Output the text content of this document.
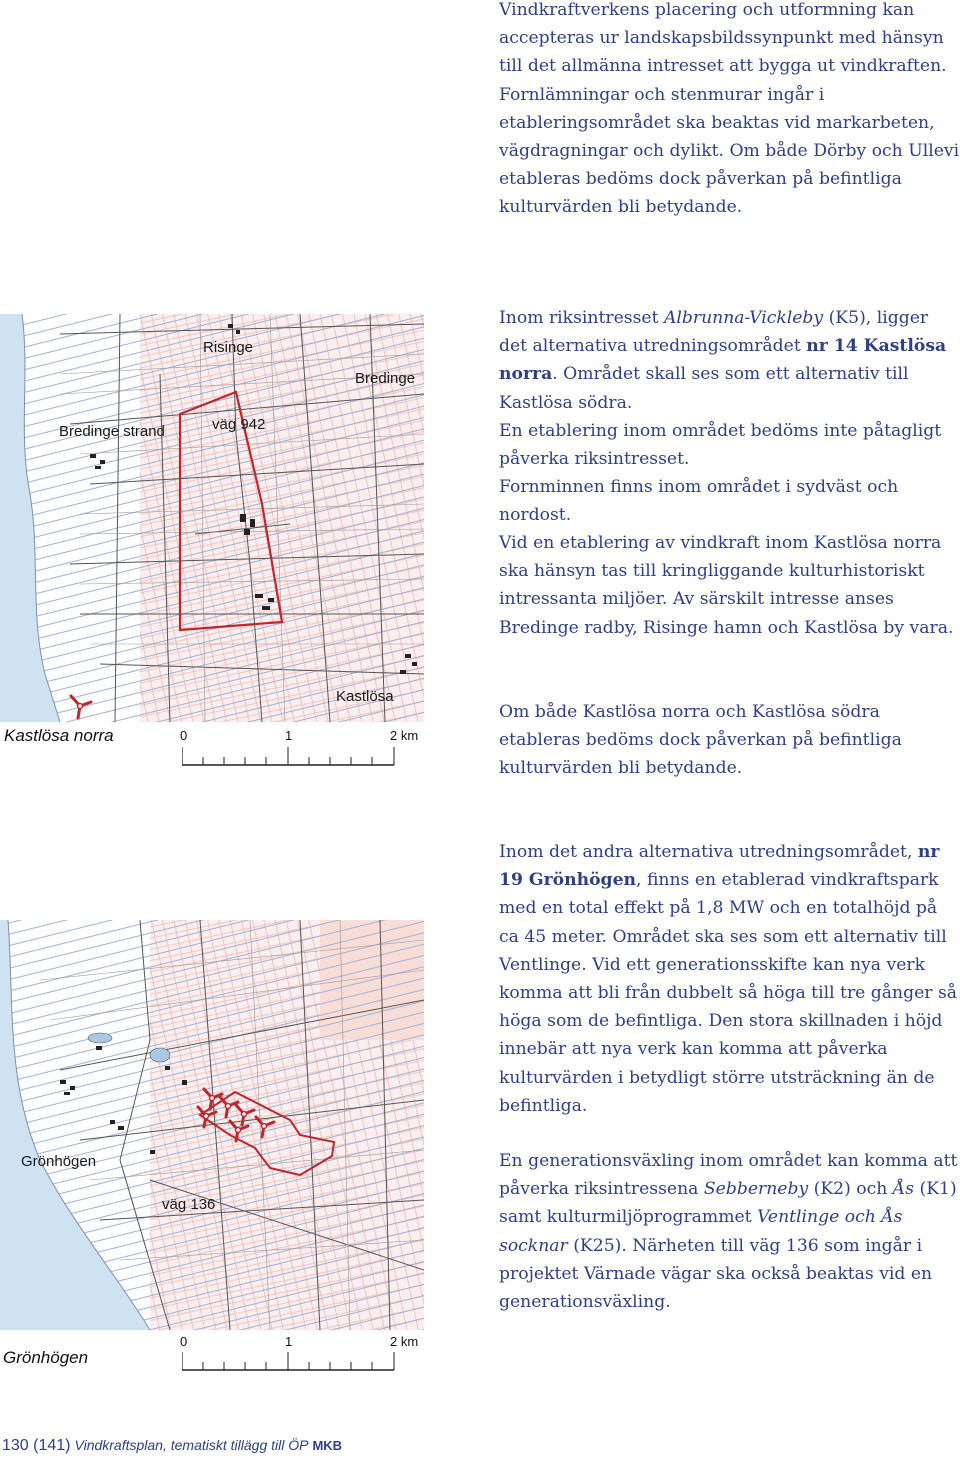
Vindkraftverkens placering och utformning kan accepteras ur landskapsbildssynpunkt med hänsyn till det allmänna intresset att bygga ut vindkraften. Fornlämningar och stenmurar ingår i etableringsområdet ska beaktas vid markarbeten, vägdragningar och dylikt. Om både Dörby och Ullevi etableras bedöms dock påverkan på befintliga kulturvärden bli betydande.

Risinge
Bredinge
Bredinge strand	väg 942
Kastlösa
Kastlösa norra	0	1	2 km

Inom riksintresset Albrunna-Vickleby (K5), ligger det alternativa utredningsområdet nr 14 Kastlösa norra. Området skall ses som ett alternativ till Kastlösa södra.

En etablering inom området bedöms inte påtagligt påverka riksintresset.

Fornminnen finns inom området i sydväst och nordost.

Vid en etablering av vindkraft inom Kastlösa norra ska hänsyn tas till kringliggande kulturhistoriskt intressanta miljöer. Av särskilt intresse anses Bredinge radby, Risinge hamn och Kastlösa by vara.

Om både Kastlösa norra och Kastlösa södra etableras bedöms dock påverkan på befintliga kulturvärden bli betydande.

Grönhögen
väg 136
Grönhögen
0	1	2 km

Inom det andra alternativa utredningsområdet, nr 19 Grönhögen, finns en etablerad vindkraftspark med en total effekt på 1,8 MW och en totalhöjd på ca 45 meter. Området ska ses som ett alternativ till Ventlinge. Vid ett generationsskifte kan nya verk komma att bli från dubbelt så höga till tre gånger så höga som de befintliga. Den stora skillnaden i höjd innebär att nya verk kan komma att påverka kulturvärden i betydligt större utsträckning än de befintliga.

En generationsväxling inom området kan komma att påverka riksintressena Sebberneby (K2) och Ås (K1) samt kulturmiljöprogrammet Ventlinge och Ås socknar (K25). Närheten till väg 136 som ingår i projektet Värnade vägar ska också beaktas vid en generationsväxling.

130 (141) Vindkraftsplan, tematiskt tillägg till ÖP MKB
